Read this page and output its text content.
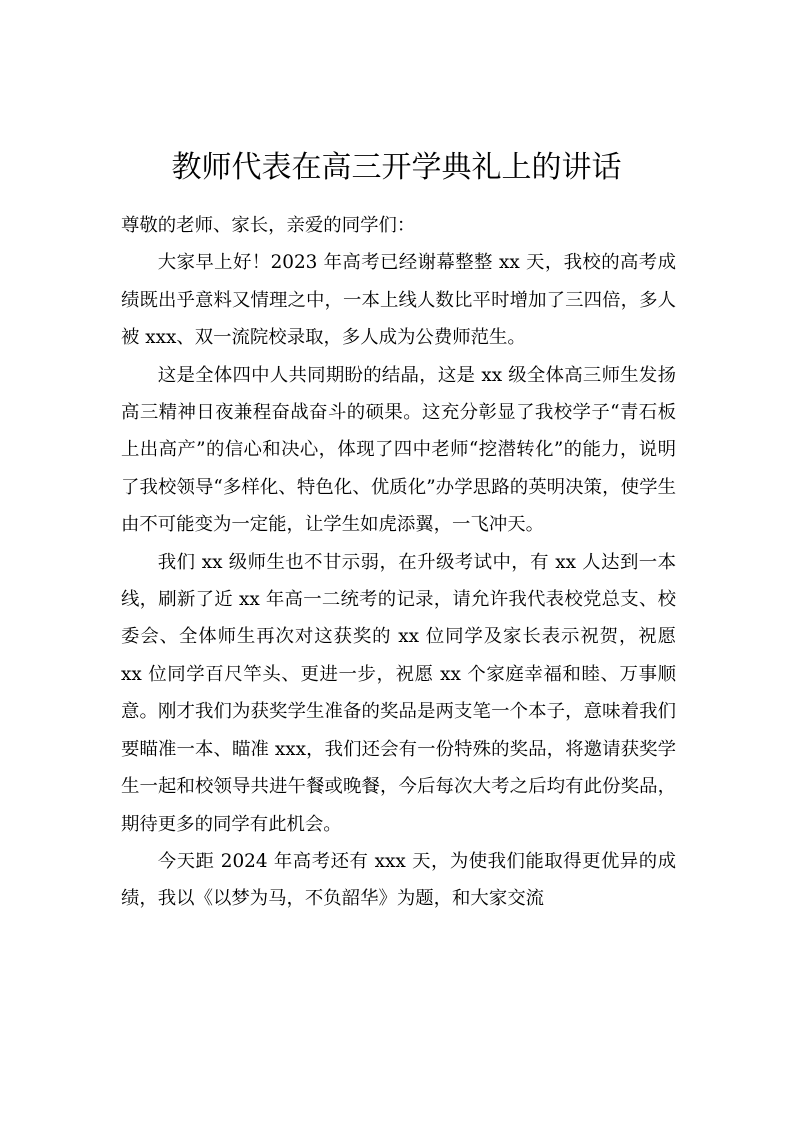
教师代表在高三开学典礼上的讲话

尊敬的老师、家长，亲爱的同学们：

大家早上好！2023 年高考已经谢幕整整 xx 天，我校的高考成绩既出乎意料又情理之中，一本上线人数比平时增加了三四倍，多人被 xxx、双一流院校录取，多人成为公费师范生。

这是全体四中人共同期盼的结晶，这是 xx 级全体高三师生发扬高三精神日夜兼程奋战奋斗的硕果。这充分彰显了我校学子“青石板上出高产”的信心和决心，体现了四中老师“挖潜转化”的能力，说明了我校领导“多样化、特色化、优质化”办学思路的英明决策，使学生由不可能变为一定能，让学生如虎添翼，一飞冲天。

我们 xx 级师生也不甘示弱，在升级考试中，有 xx 人达到一本线，刷新了近 xx 年高一二统考的记录，请允许我代表校党总支、校委会、全体师生再次对这获奖的 xx 位同学及家长表示祝贺，祝愿 xx 位同学百尺竿头、更进一步，祝愿 xx 个家庭幸福和睦、万事顺意。刚才我们为获奖学生准备的奖品是两支笔一个本子，意味着我们要瞄准一本、瞄准 xxx，我们还会有一份特殊的奖品，将邀请获奖学生一起和校领导共进午餐或晚餐，今后每次大考之后均有此份奖品，期待更多的同学有此机会。

今天距 2024 年高考还有 xxx 天，为使我们能取得更优异的成绩，我以《以梦为马，不负韶华》为题，和大家交流
